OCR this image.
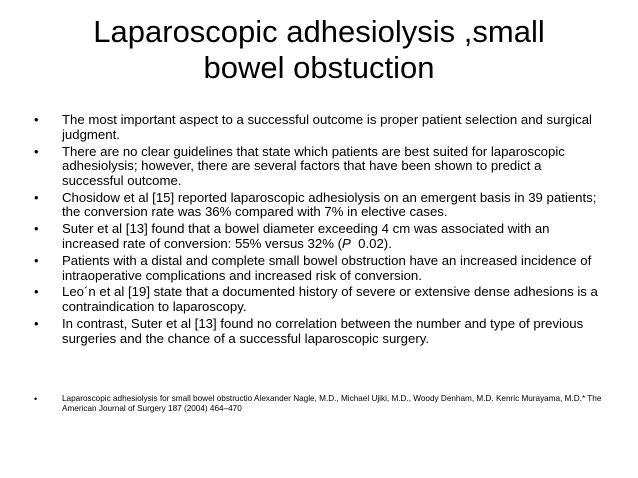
Laparoscopic adhesiolysis ,small
bowel obstuction
• The most important aspect to a successful outcome is proper patient selection and surgical judgment.
• There are no clear guidelines that state which patients are best suited for laparoscopic adhesiolysis; however, there are several factors that have been shown to predict a successful outcome.
• Chosidow et al [15] reported laparoscopic adhesiolysis on an emergent basis in 39 patients; the conversion rate was 36% compared with 7% in elective cases.
• Suter et al [13] found that a bowel diameter exceeding 4 cm was associated with an increased rate of conversion: 55% versus 32% (P  0.02).
• Patients with a distal and complete small bowel obstruction have an increased incidence of intraoperative complications and increased risk of conversion.
• Leo´n et al [19] state that a documented history of severe or extensive dense adhesions is a contraindication to laparoscopy.
• In contrast, Suter et al [13] found no correlation between the number and type of previous surgeries and the chance of a successful laparoscopic surgery.
•	Laparoscopic adhesiolysis for small bowel obstructio Alexander Nagle, M.D., Michael Ujiki, M.D., Woody Denham, M.D. Kenric Murayama, M.D.* The American Journal of Surgery 187 (2004) 464–470
